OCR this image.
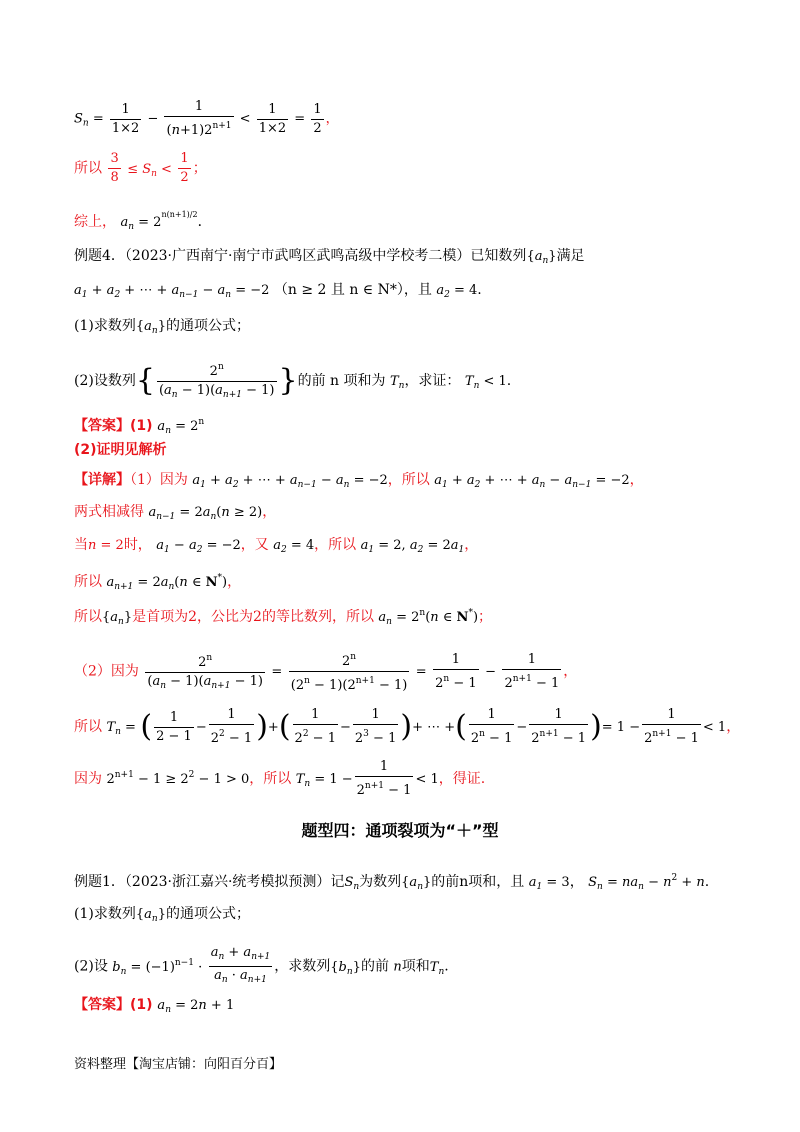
$S_n = \frac{1}{1\times 2} - \frac{1}{(n+1)2^{n+1}} < \frac{1}{1\times 2} = \frac{1}{2}$ ，
所以 $\frac{3}{8} \le S_n < \frac{1}{2}$ ；
综上， $a_n = 2^{n(n+1)/2}$．
例题4．（2023·广西南宁·南宁市武鸣区武鸣高级中学校考二模）已知数列$\{a_n\}$满足
$a_1 + a_2$ + ⋯ + $a_{n-1} - a_n = -2$ （n ≥ 2 且 n ∈ N*），且 $a_2 = 4$.
(1)求数列$\{a_n\}$的通项公式；
(2)设数列{ $\frac{2^n}{(a_n - 1)(a_{n+1} - 1)}$ }的前 n 项和为 $T_n$，求证： $T_n < 1$.
【答案】(1) $a_n = 2^n$
(2)证明见解析
【详解】（1）因为 $a_1 + a_2$ + ⋯ + $a_{n-1} - a_n = -2$，所以 $a_1 + a_2$ + ⋯ + $a_n - a_{n-1} = -2$，
两式相减得 $a_{n-1} = 2a_n(n \ge 2)$，
当n = 2时， $a_1 - a_2 = -2$，又 $a_2 = 4$，所以 $a_1 = 2$, $a_2 = 2a_1$，
所以 $a_{n+1} = 2a_n(n$ ∈ N*)，
所以$\{a_n\}$是首项为2，公比为2的等比数列，所以 $a_n = 2^n(n$ ∈ N*)；
（2）因为 $\frac{2^n}{(a_n - 1)(a_{n+1} - 1)} = \frac{2^n}{(2^n - 1)(2^{n+1} - 1)} = \frac{1}{2^n - 1} - \frac{1}{2^{n+1} - 1}$ ，
所以 $T_n$ = ( $\frac{1}{2 - 1} - \frac{1}{2^2 - 1}$ )+( $\frac{1}{2^2 - 1} - \frac{1}{2^3 - 1}$ )+ ⋯ +( $\frac{1}{2^n - 1} - \frac{1}{2^{n+1} - 1}$ )= $1 - \frac{1}{2^{n+1} - 1} < 1$，
因为 $2^{n+1} - 1 \ge 2^2 - 1 > 0$，所以 $T_n = 1 - \frac{1}{2^{n+1} - 1} < 1$，得证.
题型四：通项裂项为“＋”型
例题1．（2023·浙江嘉兴·统考模拟预测）记$S_n$为数列$\{a_n\}$的前n项和，且 $a_1 = 3$， $S_n = na_n - n^2 + n$.
(1)求数列$\{a_n\}$的通项公式；
(2)设 $b_n = (-1)^{n-1} \cdot \frac{a_n + a_{n+1}}{a_n \cdot a_{n+1}}$ ，求数列$\{b_n\}$的前 n项和$T_n$.
【答案】(1) $a_n = 2n + 1$
资料整理【淘宝店铺：向阳百分百】
